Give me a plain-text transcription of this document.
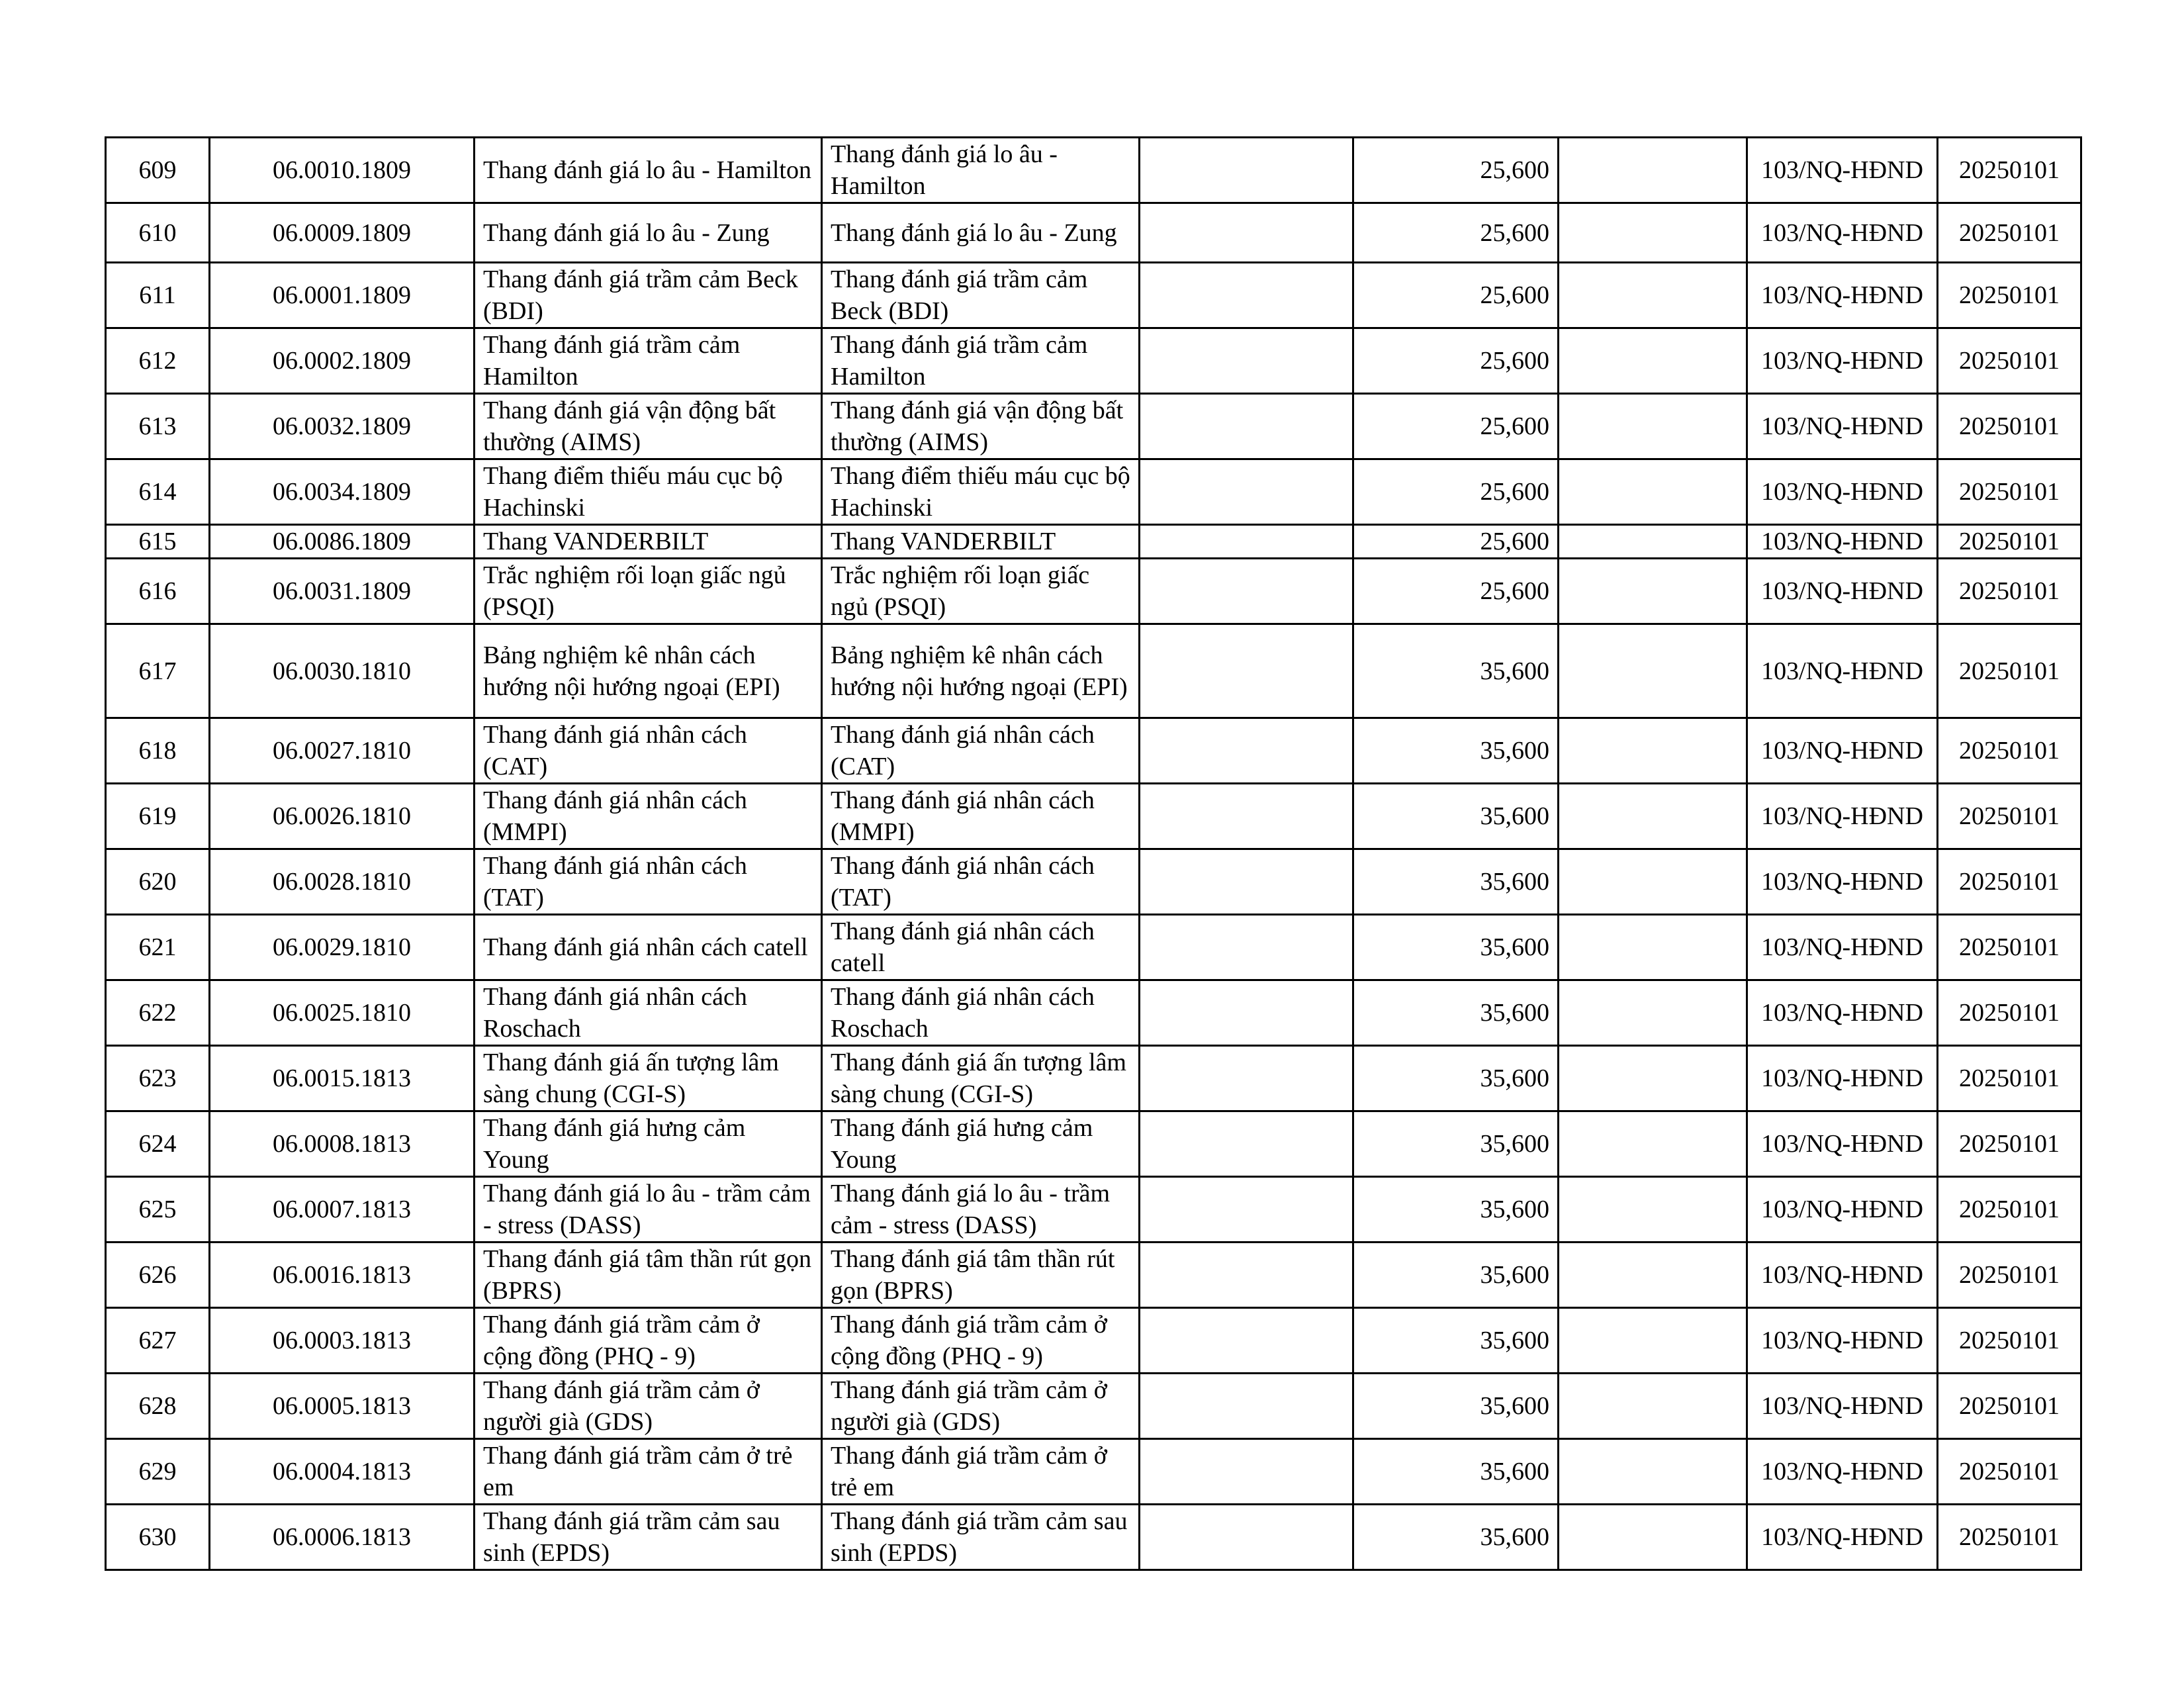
609	06.0010.1809	Thang đánh giá lo âu - Hamilton	Thang đánh giá lo âu - Hamilton		25,600		103/NQ-HĐND	20250101
610	06.0009.1809	Thang đánh giá lo âu - Zung	Thang đánh giá lo âu - Zung		25,600		103/NQ-HĐND	20250101
611	06.0001.1809	Thang đánh giá trầm cảm Beck (BDI)	Thang đánh giá trầm cảm Beck (BDI)		25,600		103/NQ-HĐND	20250101
612	06.0002.1809	Thang đánh giá trầm cảm Hamilton	Thang đánh giá trầm cảm Hamilton		25,600		103/NQ-HĐND	20250101
613	06.0032.1809	Thang đánh giá vận động bất thường (AIMS)	Thang đánh giá vận động bất thường (AIMS)		25,600		103/NQ-HĐND	20250101
614	06.0034.1809	Thang điểm thiếu máu cục bộ Hachinski	Thang điểm thiếu máu cục bộ Hachinski		25,600		103/NQ-HĐND	20250101
615	06.0086.1809	Thang VANDERBILT	Thang VANDERBILT		25,600		103/NQ-HĐND	20250101
616	06.0031.1809	Trắc nghiệm rối loạn giấc ngủ (PSQI)	Trắc nghiệm rối loạn giấc ngủ (PSQI)		25,600		103/NQ-HĐND	20250101
617	06.0030.1810	Bảng nghiệm kê nhân cách hướng nội hướng ngoại (EPI)	Bảng nghiệm kê nhân cách hướng nội hướng ngoại (EPI)		35,600		103/NQ-HĐND	20250101
618	06.0027.1810	Thang đánh giá nhân cách (CAT)	Thang đánh giá nhân cách (CAT)		35,600		103/NQ-HĐND	20250101
619	06.0026.1810	Thang đánh giá nhân cách (MMPI)	Thang đánh giá nhân cách (MMPI)		35,600		103/NQ-HĐND	20250101
620	06.0028.1810	Thang đánh giá nhân cách (TAT)	Thang đánh giá nhân cách (TAT)		35,600		103/NQ-HĐND	20250101
621	06.0029.1810	Thang đánh giá nhân cách catell	Thang đánh giá nhân cách catell		35,600		103/NQ-HĐND	20250101
622	06.0025.1810	Thang đánh giá nhân cách Roschach	Thang đánh giá nhân cách Roschach		35,600		103/NQ-HĐND	20250101
623	06.0015.1813	Thang đánh giá ấn tượng lâm sàng chung (CGI-S)	Thang đánh giá ấn tượng lâm sàng chung (CGI-S)		35,600		103/NQ-HĐND	20250101
624	06.0008.1813	Thang đánh giá hưng cảm Young	Thang đánh giá hưng cảm Young		35,600		103/NQ-HĐND	20250101
625	06.0007.1813	Thang đánh giá lo âu - trầm cảm - stress (DASS)	Thang đánh giá lo âu - trầm cảm - stress (DASS)		35,600		103/NQ-HĐND	20250101
626	06.0016.1813	Thang đánh giá tâm thần rút gọn (BPRS)	Thang đánh giá tâm thần rút gọn (BPRS)		35,600		103/NQ-HĐND	20250101
627	06.0003.1813	Thang đánh giá trầm cảm ở cộng đồng (PHQ - 9)	Thang đánh giá trầm cảm ở cộng đồng (PHQ - 9)		35,600		103/NQ-HĐND	20250101
628	06.0005.1813	Thang đánh giá trầm cảm ở người già (GDS)	Thang đánh giá trầm cảm ở người già (GDS)		35,600		103/NQ-HĐND	20250101
629	06.0004.1813	Thang đánh giá trầm cảm ở trẻ em	Thang đánh giá trầm cảm ở trẻ em		35,600		103/NQ-HĐND	20250101
630	06.0006.1813	Thang đánh giá trầm cảm sau sinh (EPDS)	Thang đánh giá trầm cảm sau sinh (EPDS)		35,600		103/NQ-HĐND	20250101
